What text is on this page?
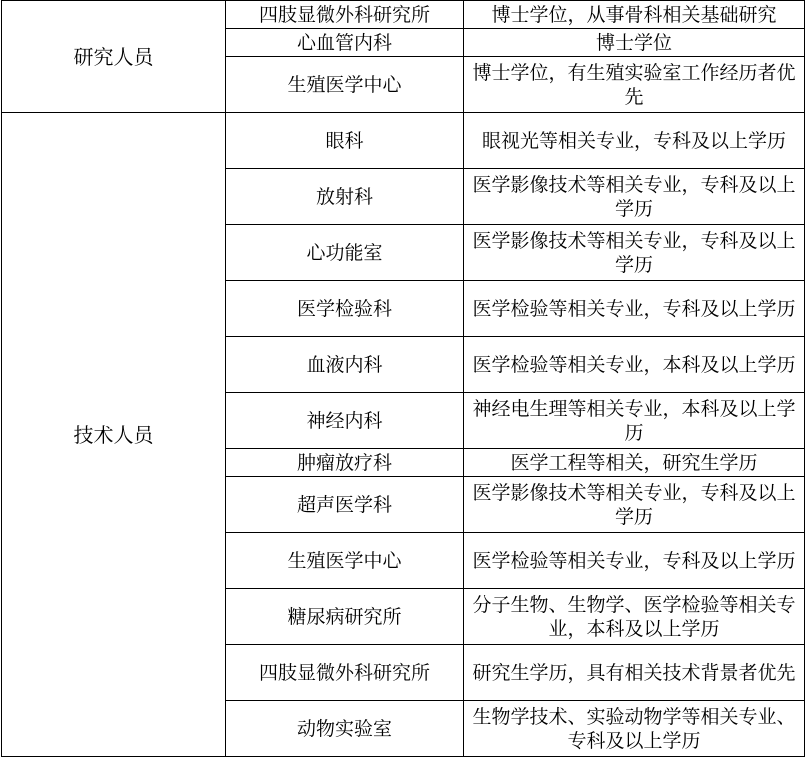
研究人员	四肢显微外科研究所	博士学位，从事骨科相关基础研究
	心血管内科	博士学位
	生殖医学中心	博士学位，有生殖实验室工作经历者优先
技术人员	眼科	眼视光等相关专业，专科及以上学历
	放射科	医学影像技术等相关专业，专科及以上学历
	心功能室	医学影像技术等相关专业，专科及以上学历
	医学检验科	医学检验等相关专业，专科及以上学历
	血液内科	医学检验等相关专业，本科及以上学历
	神经内科	神经电生理等相关专业，本科及以上学历
	肿瘤放疗科	医学工程等相关，研究生学历
	超声医学科	医学影像技术等相关专业，专科及以上学历
	生殖医学中心	医学检验等相关专业，专科及以上学历
	糖尿病研究所	分子生物、生物学、医学检验等相关专业，本科及以上学历
	四肢显微外科研究所	研究生学历，具有相关技术背景者优先
	动物实验室	生物学技术、实验动物学等相关专业、专科及以上学历
